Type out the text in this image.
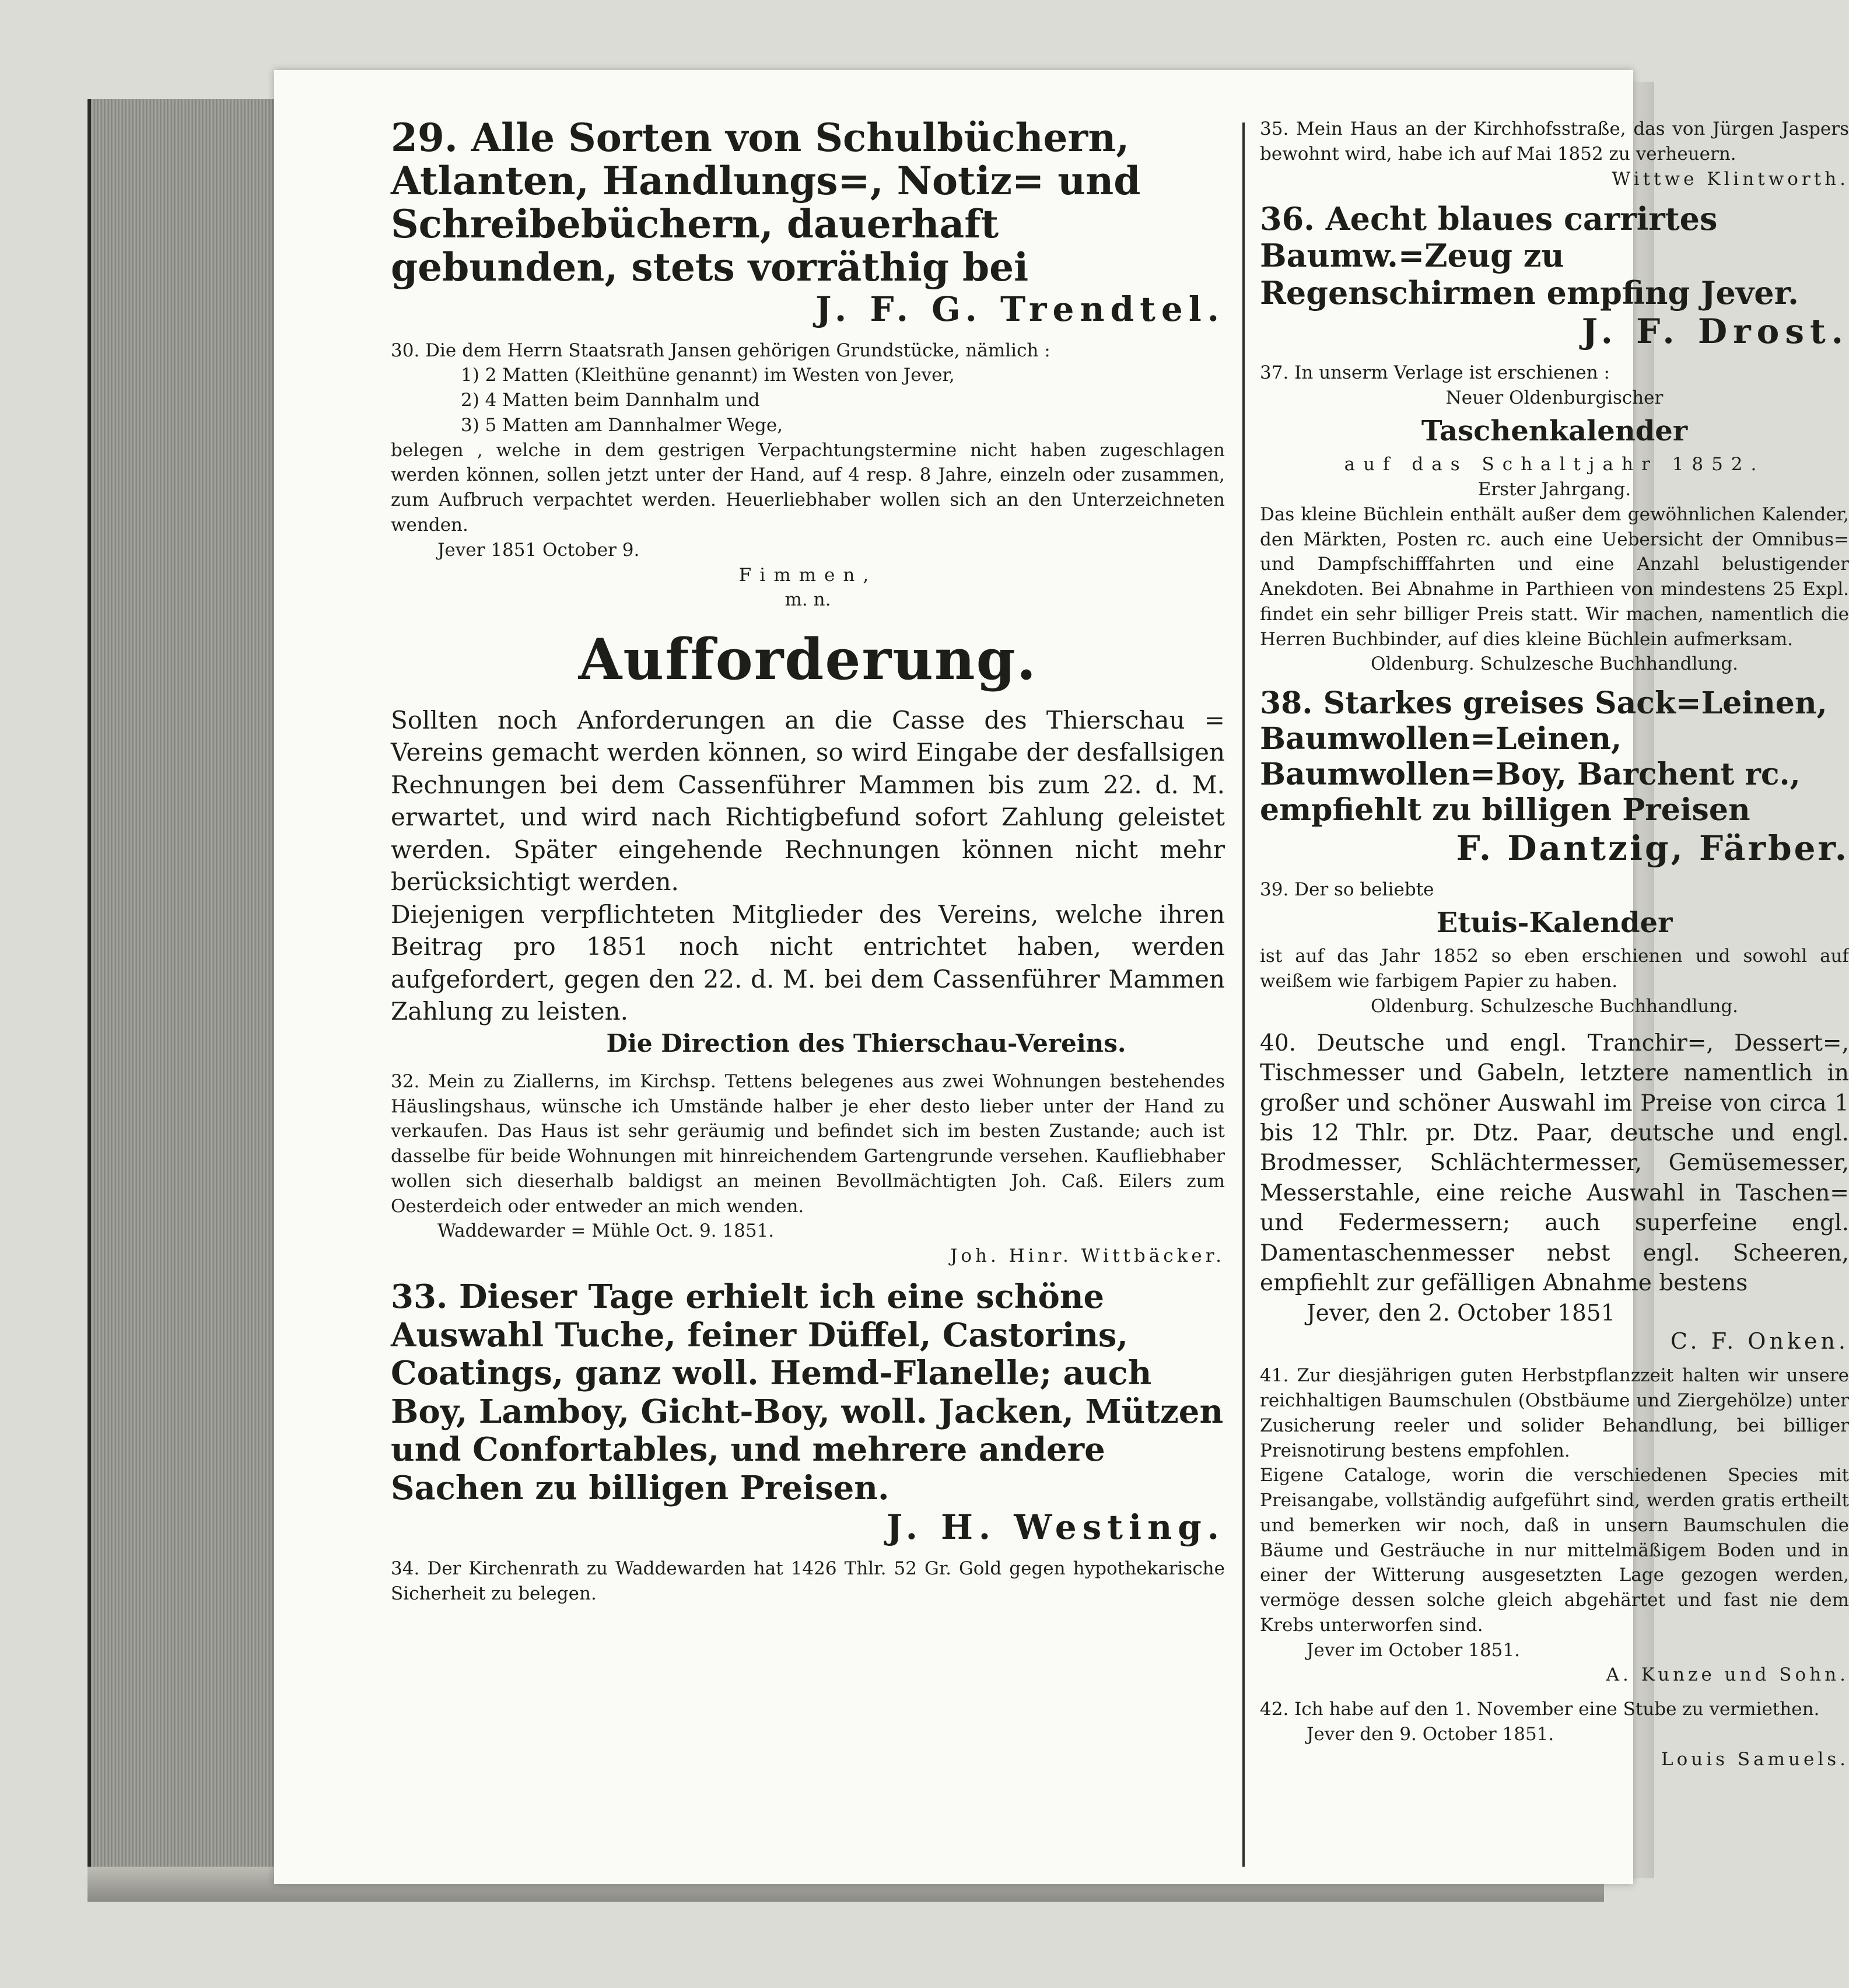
29. Alle Sorten von Schulbüchern, Atlanten, Handlungs=, Notiz= und Schreibebüchern, dauerhaft gebunden, stets vorräthig bei

J. F. G. Trendtel.

30. Die dem Herrn Staatsrath Jansen gehörigen Grundstücke, nämlich :

1) 2 Matten (Kleithüne genannt) im Westen von Jever,

2) 4 Matten beim Dannhalm und

3) 5 Matten am Dannhalmer Wege,

belegen , welche in dem gestrigen Verpachtungstermine nicht haben zugeschlagen werden können, sollen jetzt unter der Hand, auf 4 resp. 8 Jahre, einzeln oder zusammen, zum Aufbruch verpachtet werden. Heuerliebhaber wollen sich an den Unterzeichneten wenden.

Jever 1851 October 9.

Fimmen,

m. n.

Aufforderung.

Sollten noch Anforderungen an die Casse des Thierschau = Vereins gemacht werden können, so wird Eingabe der desfallsigen Rechnungen bei dem Cassenführer Mammen bis zum 22. d. M. erwartet, und wird nach Richtigbefund sofort Zahlung geleistet werden. Später eingehende Rechnungen können nicht mehr berücksichtigt werden.

Diejenigen verpflichteten Mitglieder des Vereins, welche ihren Beitrag pro 1851 noch nicht entrichtet haben, werden aufgefordert, gegen den 22. d. M. bei dem Cassenführer Mammen Zahlung zu leisten.

Die Direction des Thierschau-Vereins.

32. Mein zu Ziallerns, im Kirchsp. Tettens belegenes aus zwei Wohnungen bestehendes Häuslingshaus, wünsche ich Umstände halber je eher desto lieber unter der Hand zu verkaufen. Das Haus ist sehr geräumig und befindet sich im besten Zustande; auch ist dasselbe für beide Wohnungen mit hinreichendem Gartengrunde versehen. Kaufliebhaber wollen sich dieserhalb baldigst an meinen Bevollmächtigten Joh. Caß. Eilers zum Oesterdeich oder entweder an mich wenden.

Waddewarder = Mühle Oct. 9. 1851.

Joh. Hinr. Wittbäcker.

33. Dieser Tage erhielt ich eine schöne Auswahl Tuche, feiner Düffel, Castorins, Coatings, ganz woll. Hemd-Flanelle; auch Boy, Lamboy, Gicht-Boy, woll. Jacken, Mützen und Confortables, und mehrere andere Sachen zu billigen Preisen.

J. H. Westing.

34. Der Kirchenrath zu Waddewarden hat 1426 Thlr. 52 Gr. Gold gegen hypothekarische Sicherheit zu belegen.

35. Mein Haus an der Kirchhofsstraße, das von Jürgen Jaspers bewohnt wird, habe ich auf Mai 1852 zu verheuern.

Wittwe Klintworth.

36. Aecht blaues carrirtes Baumw.=Zeug zu Regenschirmen empfing Jever.

J. F. Drost.

37. In unserm Verlage ist erschienen :

Neuer Oldenburgischer

Taschenkalender

auf das Schaltjahr 1852.

Erster Jahrgang.

Das kleine Büchlein enthält außer dem gewöhnlichen Kalender, den Märkten, Posten rc. auch eine Uebersicht der Omnibus= und Dampfschifffahrten und eine Anzahl belustigender Anekdoten. Bei Abnahme in Parthieen von mindestens 25 Expl. findet ein sehr billiger Preis statt. Wir machen, namentlich die Herren Buchbinder, auf dies kleine Büchlein aufmerksam.

Oldenburg. Schulzesche Buchhandlung.

38. Starkes greises Sack=Leinen, Baumwollen=Leinen, Baumwollen=Boy, Barchent rc., empfiehlt zu billigen Preisen

F. Dantzig, Färber.

39. Der so beliebte

Etuis-Kalender

ist auf das Jahr 1852 so eben erschienen und sowohl auf weißem wie farbigem Papier zu haben.

Oldenburg. Schulzesche Buchhandlung.

40. Deutsche und engl. Tranchir=, Dessert=, Tischmesser und Gabeln, letztere namentlich in großer und schöner Auswahl im Preise von circa 1 bis 12 Thlr. pr. Dtz. Paar, deutsche und engl. Brodmesser, Schlächtermesser, Gemüsemesser, Messerstahle, eine reiche Auswahl in Taschen= und Federmessern; auch superfeine engl. Damentaschenmesser nebst engl. Scheeren, empfiehlt zur gefälligen Abnahme bestens

Jever, den 2. October 1851

C. F. Onken.

41. Zur diesjährigen guten Herbstpflanzzeit halten wir unsere reichhaltigen Baumschulen (Obstbäume und Ziergehölze) unter Zusicherung reeler und solider Behandlung, bei billiger Preisnotirung bestens empfohlen.

Eigene Cataloge, worin die verschiedenen Species mit Preisangabe, vollständig aufgeführt sind, werden gratis ertheilt und bemerken wir noch, daß in unsern Baumschulen die Bäume und Gesträuche in nur mittelmäßigem Boden und in einer der Witterung ausgesetzten Lage gezogen werden, vermöge dessen solche gleich abgehärtet und fast nie dem Krebs unterworfen sind.

Jever im October 1851.

A. Kunze und Sohn.

42. Ich habe auf den 1. November eine Stube zu vermiethen.

Jever den 9. October 1851.

Louis Samuels.
